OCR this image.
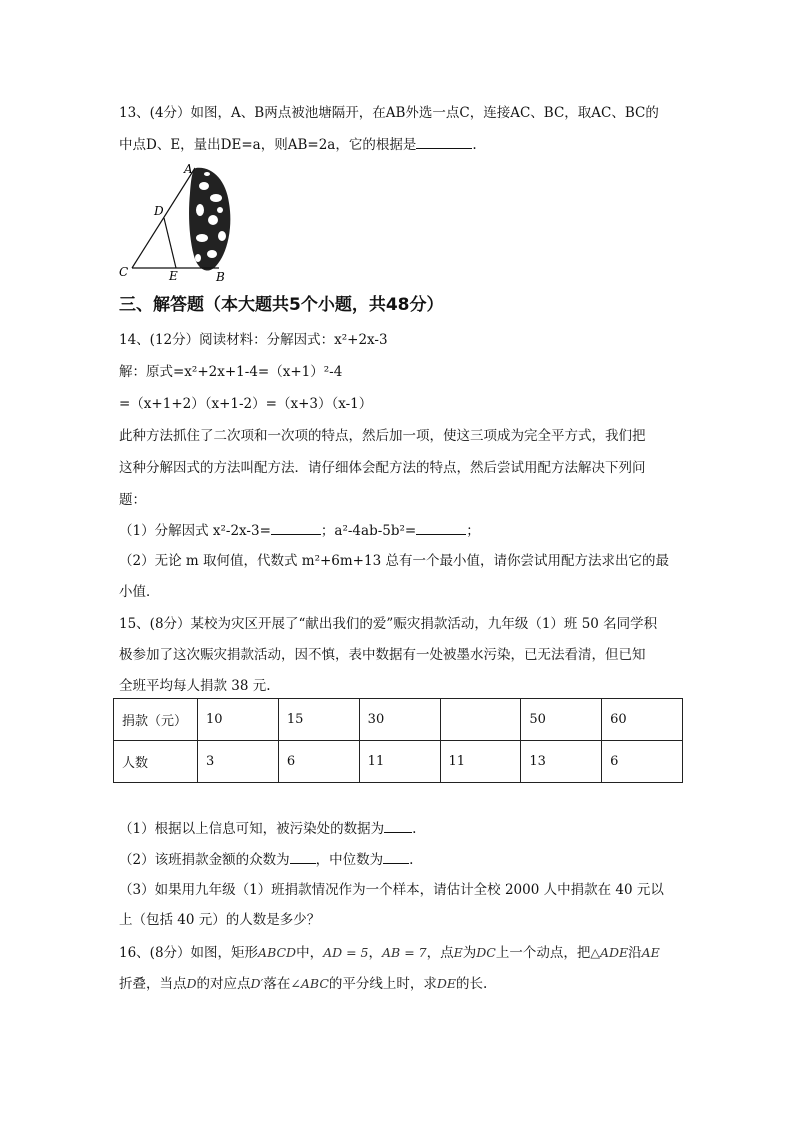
13、(4分）如图，A、B两点被池塘隔开，在AB外选一点C，连接AC、BC，取AC、BC的
中点D、E，量出DE=a，则AB=2a，它的根据是	.
A
B
C
D
E
三、解答题（本大题共5个小题，共48分）
14、(12分）阅读材料：分解因式：x²+2x-3
解：原式=x²+2x+1-4=（x+1）²-4
=（x+1+2）（x+1-2）=（x+3）（x-1）
此种方法抓住了二次项和一次项的特点，然后加一项，使这三项成为完全平方式，我们把
这种分解因式的方法叫配方法．请仔细体会配方法的特点，然后尝试用配方法解决下列问
题：
（1）分解因式 x²-2x-3=	；a²-4ab-5b²=	；
（2）无论 m 取何值，代数式 m²+6m+13 总有一个最小值，请你尝试用配方法求出它的最
小值．
15、(8分）某校为灾区开展了“献出我们的爱”赈灾捐款活动，九年级（1）班 50 名同学积
极参加了这次赈灾捐款活动，因不慎，表中数据有一处被墨水污染，已无法看清，但已知
全班平均每人捐款 38 元.
捐款（元）	10	15	30		50	60
人数	3	6	11	11	13	6
（1）根据以上信息可知，被污染处的数据为 .
（2）该班捐款金额的众数为 ，中位数为 .
（3）如果用九年级（1）班捐款情况作为一个样本，请估计全校 2000 人中捐款在 40 元以
上（包括 40 元）的人数是多少？
16、(8分）如图，矩形ABCD中，AD = 5，AB = 7，点E为DC上一个动点，把△ADE沿AE
折叠，当点D的对应点D′落在∠ABC的平分线上时，求DE的长.
